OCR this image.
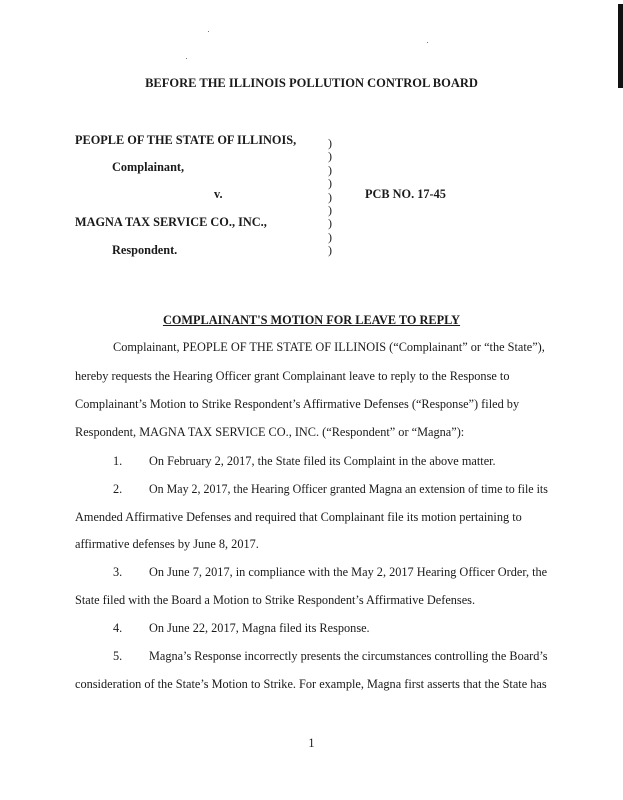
BEFORE THE ILLINOIS POLLUTION CONTROL BOARD
PEOPLE OF THE STATE OF ILLINOIS,
Complainant,
v.
MAGNA TAX SERVICE CO., INC.,
Respondent.
PCB NO. 17-45
)
)
)
)
)
)
)
)
)
COMPLAINANT'S MOTION FOR LEAVE TO REPLY
Complainant, PEOPLE OF THE STATE OF ILLINOIS (“Complainant” or “the State”),
hereby requests the Hearing Officer grant Complainant leave to reply to the Response to
Complainant’s Motion to Strike Respondent’s Affirmative Defenses (“Response”) filed by
Respondent, MAGNA TAX SERVICE CO., INC. (“Respondent” or “Magna”):
1. On February 2, 2017, the State filed its Complaint in the above matter.
2. On May 2, 2017, the Hearing Officer granted Magna an extension of time to file its
Amended Affirmative Defenses and required that Complainant file its motion pertaining to
affirmative defenses by June 8, 2017.
3. On June 7, 2017, in compliance with the May 2, 2017 Hearing Officer Order, the
State filed with the Board a Motion to Strike Respondent’s Affirmative Defenses.
4. On June 22, 2017, Magna filed its Response.
5. Magna’s Response incorrectly presents the circumstances controlling the Board’s
consideration of the State’s Motion to Strike. For example, Magna first asserts that the State has
1
